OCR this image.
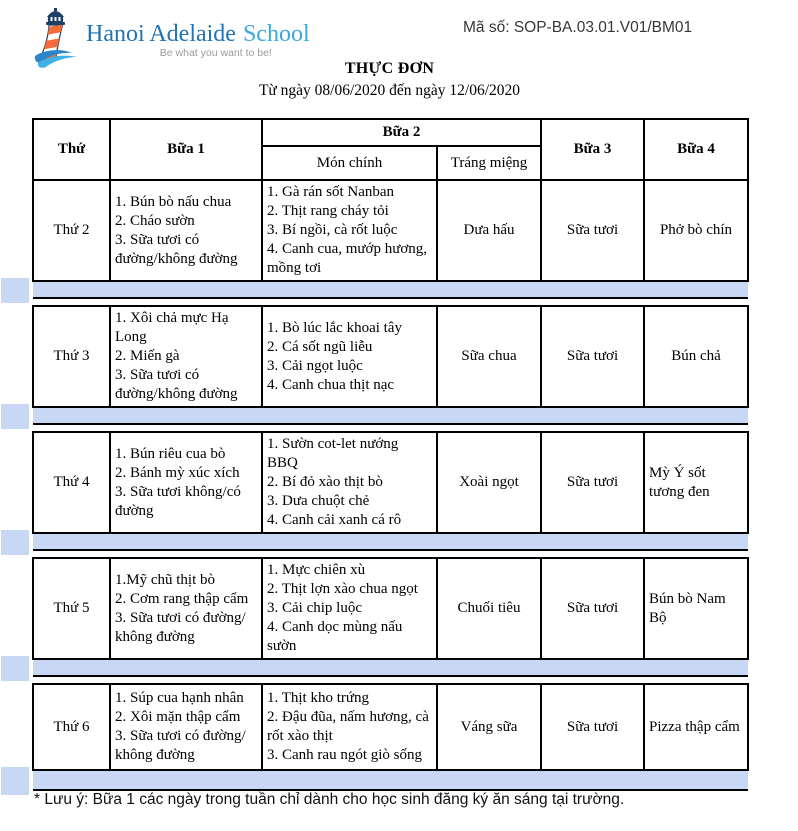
Hanoi Adelaide School
Be what you want to be!
Mã số: SOP-BA.03.01.V01/BM01
THỰC ĐƠN
Từ ngày 08/06/2020 đến ngày 12/06/2020
Thứ	Bữa 1	Bữa 2		Bữa 3	Bữa 4
		Món chính	Tráng miệng		
Thứ 2	1. Bún bò nấu chua
2. Cháo sườn
3. Sữa tươi có đường/không đường	1. Gà rán sốt Nanban
2. Thịt rang cháy tỏi
3. Bí ngồi, cà rốt luộc
4. Canh cua, mướp hương, mồng tơi	Dưa hấu	Sữa tươi	Phở bò chín

Thứ 3	1. Xôi chả mực Hạ Long
2. Miến gà
3. Sữa tươi có đường/không đường	1. Bò lúc lắc khoai tây
2. Cá sốt ngũ liễu
3. Cải ngọt luộc
4. Canh chua thịt nạc	Sữa chua	Sữa tươi	Bún chả

Thứ 4	1. Bún riêu cua bò
2. Bánh mỳ xúc xích
3. Sữa tươi không/có đường	1. Sườn cot-let nướng BBQ
2. Bí đỏ xào thịt bò
3. Dưa chuột chẻ
4. Canh cải xanh cá rô	Xoài ngọt	Sữa tươi	Mỳ Ý sốt tương đen

Thứ 5	1.Mỹ chũ thịt bò
2. Cơm rang thập cẩm
3. Sữa tươi có đường/ không đường	1. Mực chiên xù
2. Thịt lợn xào chua ngọt
3. Cải chip luộc
4. Canh dọc mùng nấu sườn	Chuối tiêu	Sữa tươi	Bún bò Nam Bộ

Thứ 6	1. Súp cua hạnh nhân
2. Xôi mặn thập cẩm
3. Sữa tươi có đường/ không đường	1. Thịt kho trứng
2. Đậu đũa, nấm hương, cà rốt xào thịt
3. Canh rau ngót giò sống	Váng sữa	Sữa tươi	Pizza thập cẩm

* Lưu ý: Bữa 1 các ngày trong tuần chỉ dành cho học sinh đăng ký ăn sáng tại trường.
